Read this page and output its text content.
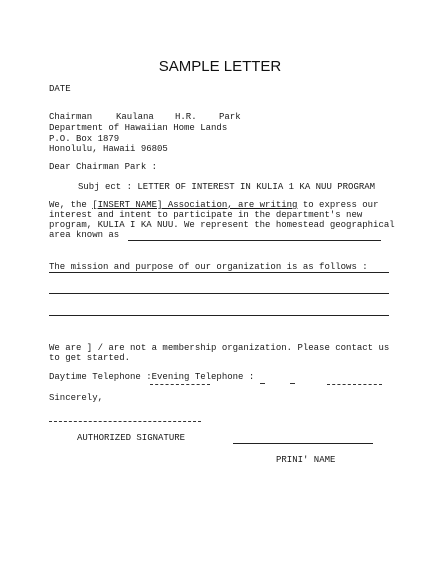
SAMPLE LETTER
DATE
Chairman	Kaulana H.R. Park
Department of Hawaiian Home Lands
P.O. Box 1879
Honolulu, Hawaii 96805
Dear Chairman Park :
Subj ect : LETTER OF INTEREST IN KULIA 1 KA NUU PROGRAM
We, the [INSERT NAME] Association, are writing to express our
interest and intent to participate in the department's new
program, KULIA I KA NUU. We represent the homestead geographical
area known as
The mission and purpose of our organization is as follows :
We are ] / are not a membership organization. Please contact us
to get started.
Daytime Telephone :Evening Telephone :
Sincerely,
AUTHORIZED SIGNATURE
PRINI' NAME
